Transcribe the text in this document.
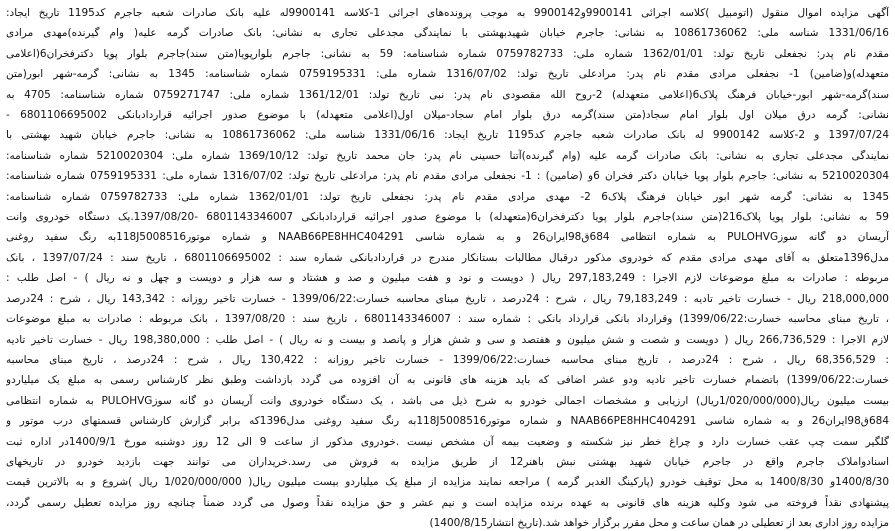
آگهی مزایده اموال منقول (اتومبیل )کلاسه اجرائی 9900141و9900142 به موجب پرونده‌های اجرائی 1-کلاسه 9900141له علیه بانک صادرات شعبه جاجرم کد1195 تاریخ ایجاد:
1331/06/16 شناسه ملی: 10861736062 به نشانی: جاجرم خیابان شهیدبهشتی با نمایندگی مجدعلی تجاری به نشانی: بانک صادرات گرمه علیه( وام گیرنده)مهدی مرادی
مقدم نام پدر: نجفعلی تاریخ تولد: 1362/01/01 شماره ملی: 0759782733 شماره شناسنامه: 59 به نشانی: جاجرم بلوارپویا(متن سند)جاجرم بلوار پویا دکترفخران6(اعلامی
متعهدله)و(ضامین) 1- نجفعلی مرادی مقدم نام پدر: مرادعلی تاریخ تولد: 1316/07/02 شماره ملی: 0759195331 شماره شناسنامه: 1345 به نشانی: گرمه-شهر ابور(متن
سند)گرمه-شهر ابور-خیابان فرهنگ پلاک6(اعلامی متعهدله) 2-روح الله مقصودی نام پدر: نبی تاریخ تولد: 1361/12/01 شماره ملی: 0759271747 شماره شناسنامه: 4705 به
نشانی: گرمه درق میلان اول بلوار امام سجاد(متن سند)گرمه درق بلوار امام سجاد-میلان اول(اعلامی متعهدله) با موضوع صدور اجرائیه قراردادبانکی 6801106695002 -
1397/07/24 و 2-کلاسه 9900142 له بانک صادرات شعبه جاجرم کد1195 تاریخ ایجاد: 1331/06/16 شناسه ملی: 10861736062 به نشانی: جاجرم خیابان شهید بهشتی با
نمایندگی مجدعلی تجاری به نشانی: بانک صادرات گرمه علیه (وام گیرنده)آتنا حسینی نام پدر: جان محمد تاریخ تولد: 1369/10/12 شماره ملی: 5210020304 شماره شناسنامه:
5210020304 به نشانی: جاجرم بلوار پویا خیابان دکتر فخران 6و (ضامین) : 1- نجفعلی مرادی مقدم نام پدر: مرادعلی تاریخ تولد: 1316/07/02 شماره ملی: 0759195331 شماره شناسنامه:
1345 به نشانی: گرمه شهر ابور خیابان فرهنگ پلاک6 2- مهدی مرادی مقدم نام پدر: نجفعلی تاریخ تولد: 1362/01/01 شماره ملی: 0759782733 شماره شناسنامه:
59 به نشانی: بلوار پویا پلاک216(متن سند)جاجرم بلوار پویا دکترفخران6(متعهدله) با موضوع صدور اجرائیه قراردادبانکی 6801143346007 -1397/08/20.یک دستگاه خودروی وانت
آریسان دو گانه سوزPULOHVG به شماره انتظامی 684ق98ایران26 و به شماره شاسی NAAB66PE8HHC404291 و شماره موتور118J5008516به رنگ سفید روغنی
مدل1396متعلق به آقای مهدی مرادی مقدم که خودروی مذکور درقبال مطالبات بستانکار مندرج در قراردادبانکی شماره سند : 6801106695002 ، تاریخ سند : 1397/07/24 ، بانک
مربوطه : صادرات به مبلغ موضوعات لازم الاجرا : 297,183,249 ریال ( دویست و نود و هفت میلیون و صد و هشتاد و سه هزار و دویست و چهل و نه ریال ) - اصل طلب :
218,000,000 ریال - خسارت تاخیر تادیه : 79,183,249 ریال ، شرح : 24درصد ، تاریخ مبنای محاسبه خسارت:1399/06/22 - خسارت تاخیر روزانه : 143,342 ریال ، شرح : 24درصد
، تاریخ مبنای محاسبه خسارت:1399/06/22) وقرارداد بانکی قرارداد بانکی : شماره سند : 6801143346007 ، تاریخ سند : 1397/08/20 ، بانک مربوطه : صادرات به مبلغ موضوعات
لازم الاجرا : 266,736,529 ریال ( دویست و شصت و شش میلیون و هفتصد و سی و شش هزار و پانصد و بیست و نه ریال ) - اصل طلب : 198,380,000 ریال - خسارت تاخیر تادیه
: 68,356,529 ریال ، شرح : 24درصد ، تاریخ مبنای محاسبه خسارت:1399/06/22 - خسارت تاخیر روزانه : 130,422 ریال ، شرح : 24درصد ، تاریخ مبنای محاسبه
خسارت:1399/06/22) باتضمام خسارت تاخیر تادیه ودو عشر اضافی که باید هزینه های قانونی به آن افزوده می گردد بازداشت وطبق نظر کارشناس رسمی به مبلغ یک میلیاردو
بیست میلیون ریال(1/020/000/000ریال) ارزیابی و مشخصات اجمالی خودرو به شرح ذیل می باشد ، یک دستگاه خودروی وانت آریسان دو گانه سوزPULOHVG به شماره انتظامی
684ق98ایران26 و به شماره شاسی NAAB66PE8HHC404291 و شماره موتور118J5008516به رنگ سفید روغنی مدل1396که برابر گزارش کارشناس قسمتهای درب موتور و
گلگیر سمت چپ عقب خسارت دارد و چراغ خطر نیز شکسته و وضعیت بیمه آن مشخص نیست .خودروی مذکور از ساعت 9 الی 12 روز دوشنبه مورخ 1400/9/1در اداره ثبت
اسنادواملاک جاجرم واقع در جاجرم خیابان شهید بهشتی نبش باهنر12 از طریق مزایده به فروش می رسد.خریداران می توانند جهت بازدید خودرو در تاریخهای
1400/8/30و 1400/8/30 به محل توقیف خودرو (پارکینگ الغدیر گرمه ) مراجعه نمایند مزایده از مبلغ یک میلیاردو بیست میلیون ریال( 1/020/000/000 ریال )شروع و به بالاترین قیمت
پیشنهادی نقداً فروخته می شود وکلیه هزینه های قانونی به عهده برنده مزایده است و نیم عشر و حق مزایده نقداً وصول می گردد ضمناً چنانچه روز مزایده تعطیل رسمی گردد،
مزایده روز اداری بعد از تعطیلی در همان ساعت و محل مقرر برگزار خواهد شد.(تاریخ انتشار1400/8/15)
